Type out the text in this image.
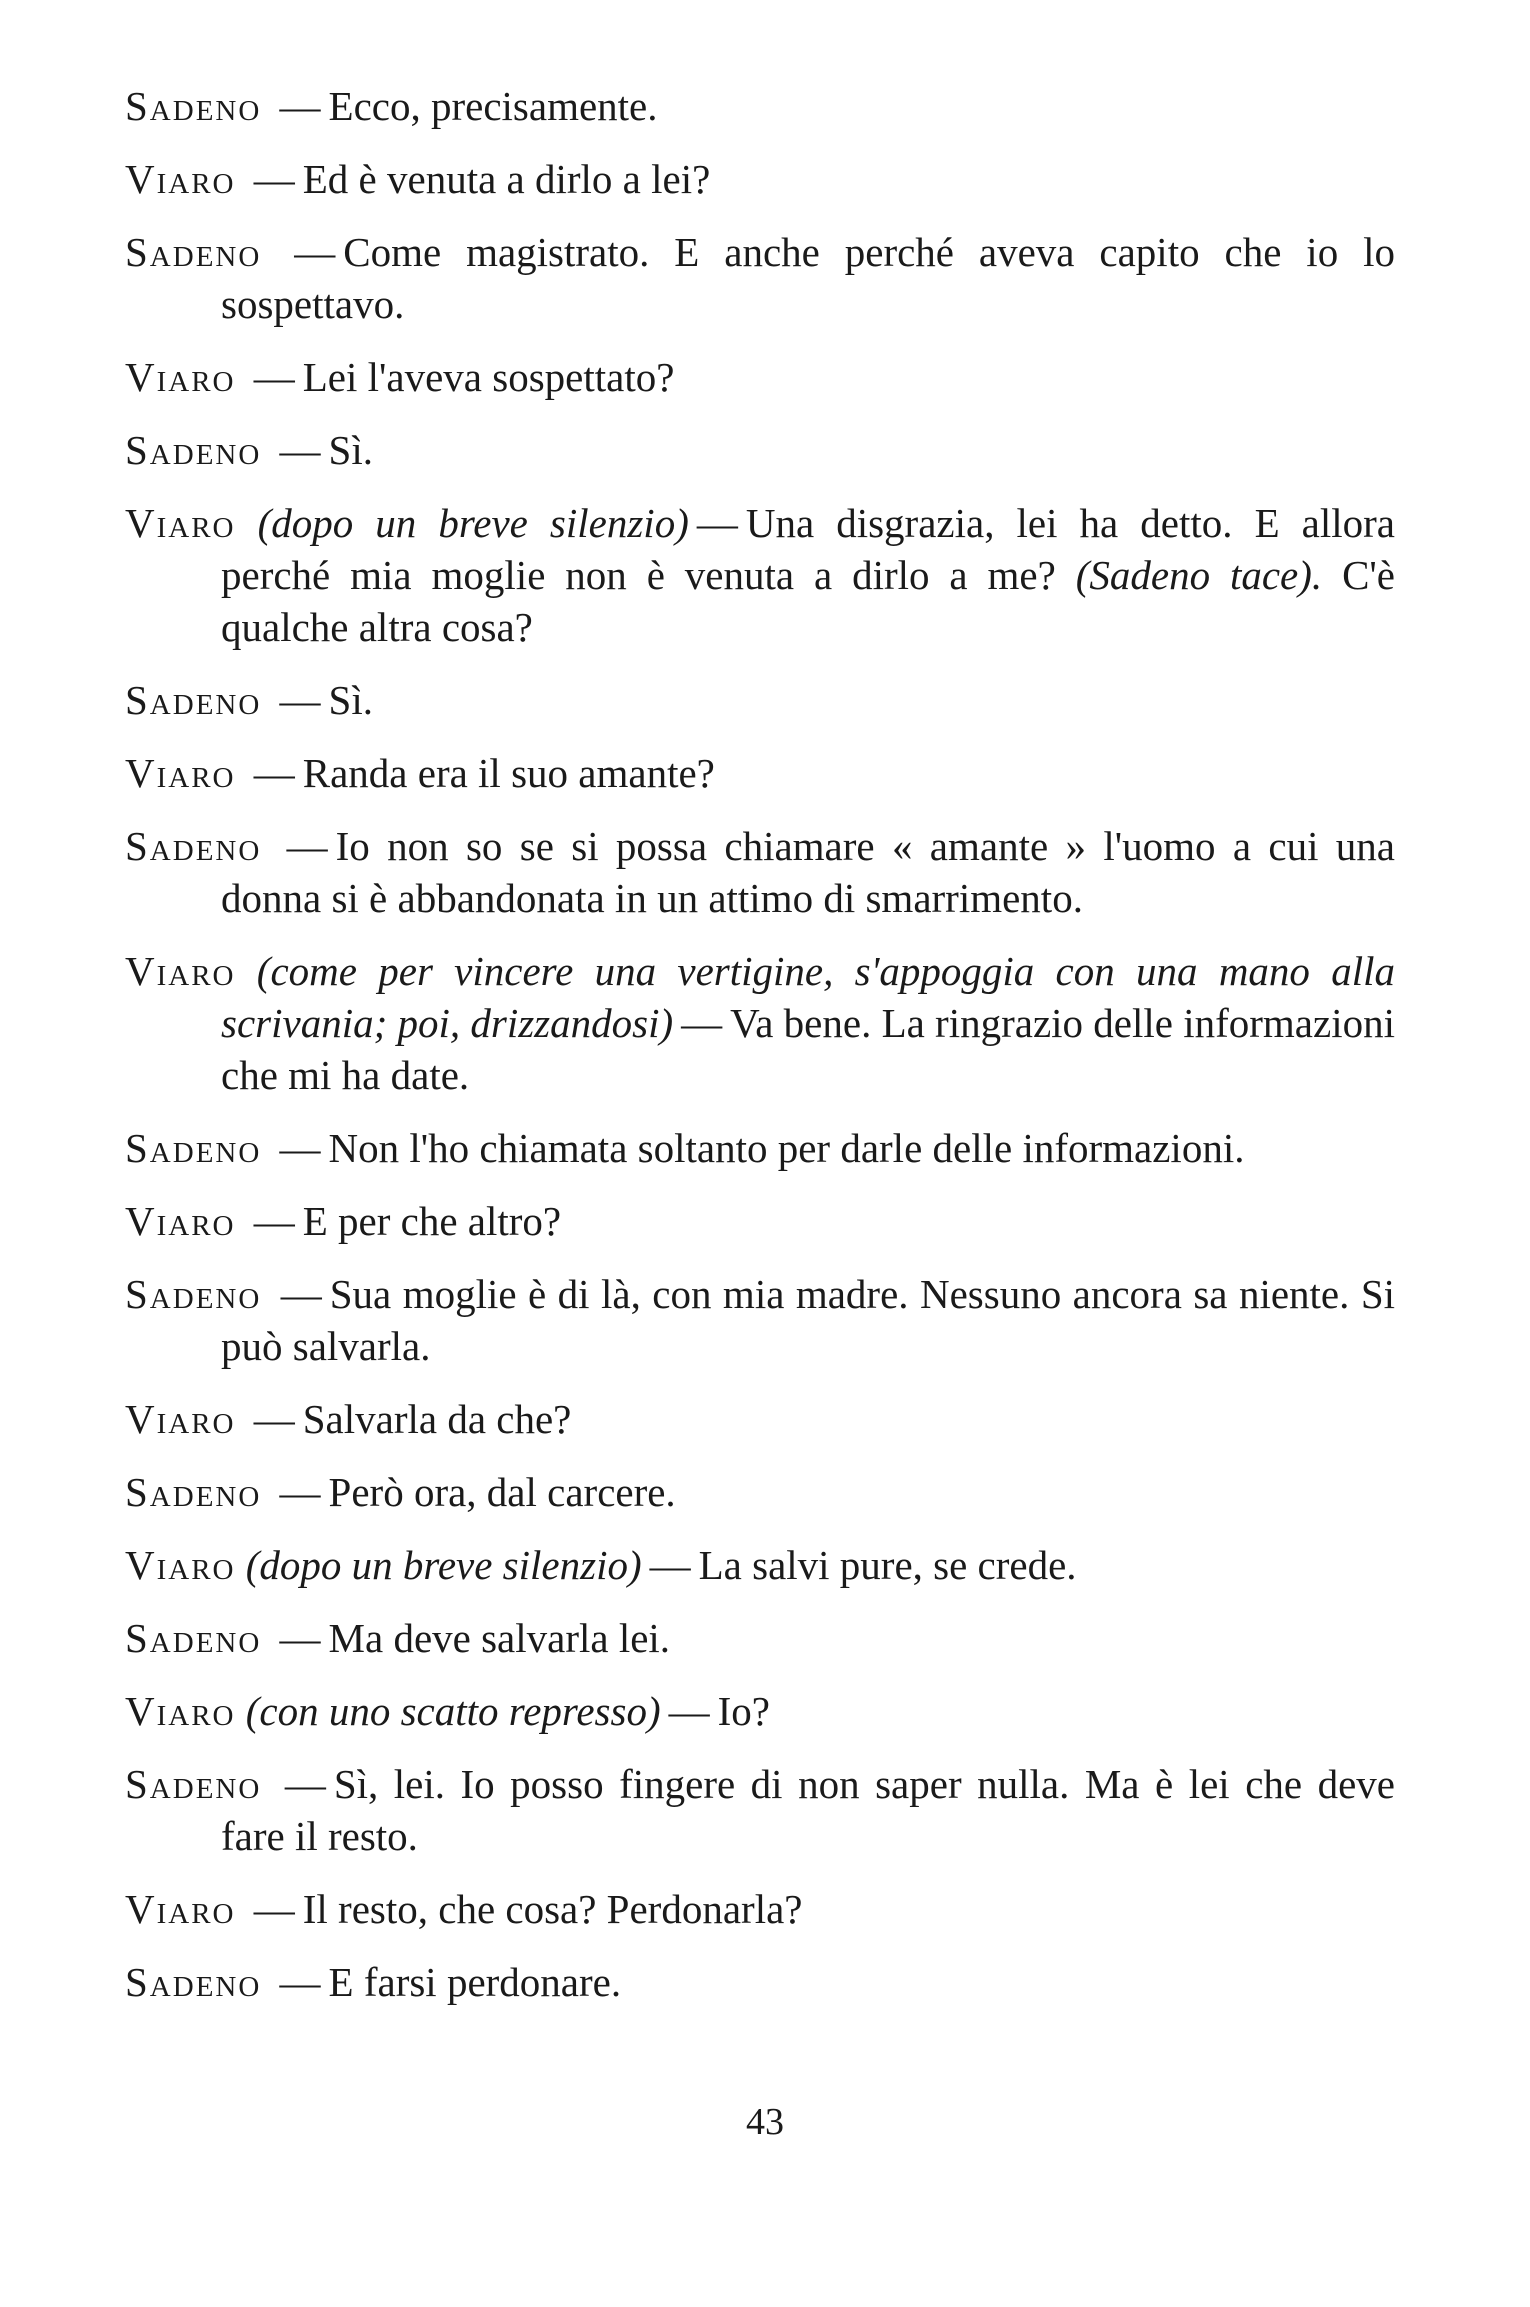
Sadeno — Ecco, precisamente.

Viaro — Ed è venuta a dirlo a lei?

Sadeno — Come magistrato. E anche perché aveva capito che io lo sospettavo.

Viaro — Lei l'aveva sospettato?

Sadeno — Sì.

Viaro (dopo un breve silenzio) — Una disgrazia, lei ha detto. E allora perché mia moglie non è venuta a dirlo a me? (Sadeno tace). C'è qualche altra cosa?

Sadeno — Sì.

Viaro — Randa era il suo amante?

Sadeno — Io non so se si possa chiamare « amante » l'uomo a cui una donna si è abbandonata in un attimo di smarrimento.

Viaro (come per vincere una vertigine, s'appoggia con una mano alla scrivania; poi, drizzandosi) — Va bene. La ringrazio delle informazioni che mi ha date.

Sadeno — Non l'ho chiamata soltanto per darle delle informazioni.

Viaro — E per che altro?

Sadeno — Sua moglie è di là, con mia madre. Nessuno ancora sa niente. Si può salvarla.

Viaro — Salvarla da che?

Sadeno — Però ora, dal carcere.

Viaro (dopo un breve silenzio) — La salvi pure, se crede.

Sadeno — Ma deve salvarla lei.

Viaro (con uno scatto represso) — Io?

Sadeno — Sì, lei. Io posso fingere di non saper nulla. Ma è lei che deve fare il resto.

Viaro — Il resto, che cosa? Perdonarla?

Sadeno — E farsi perdonare.

43
